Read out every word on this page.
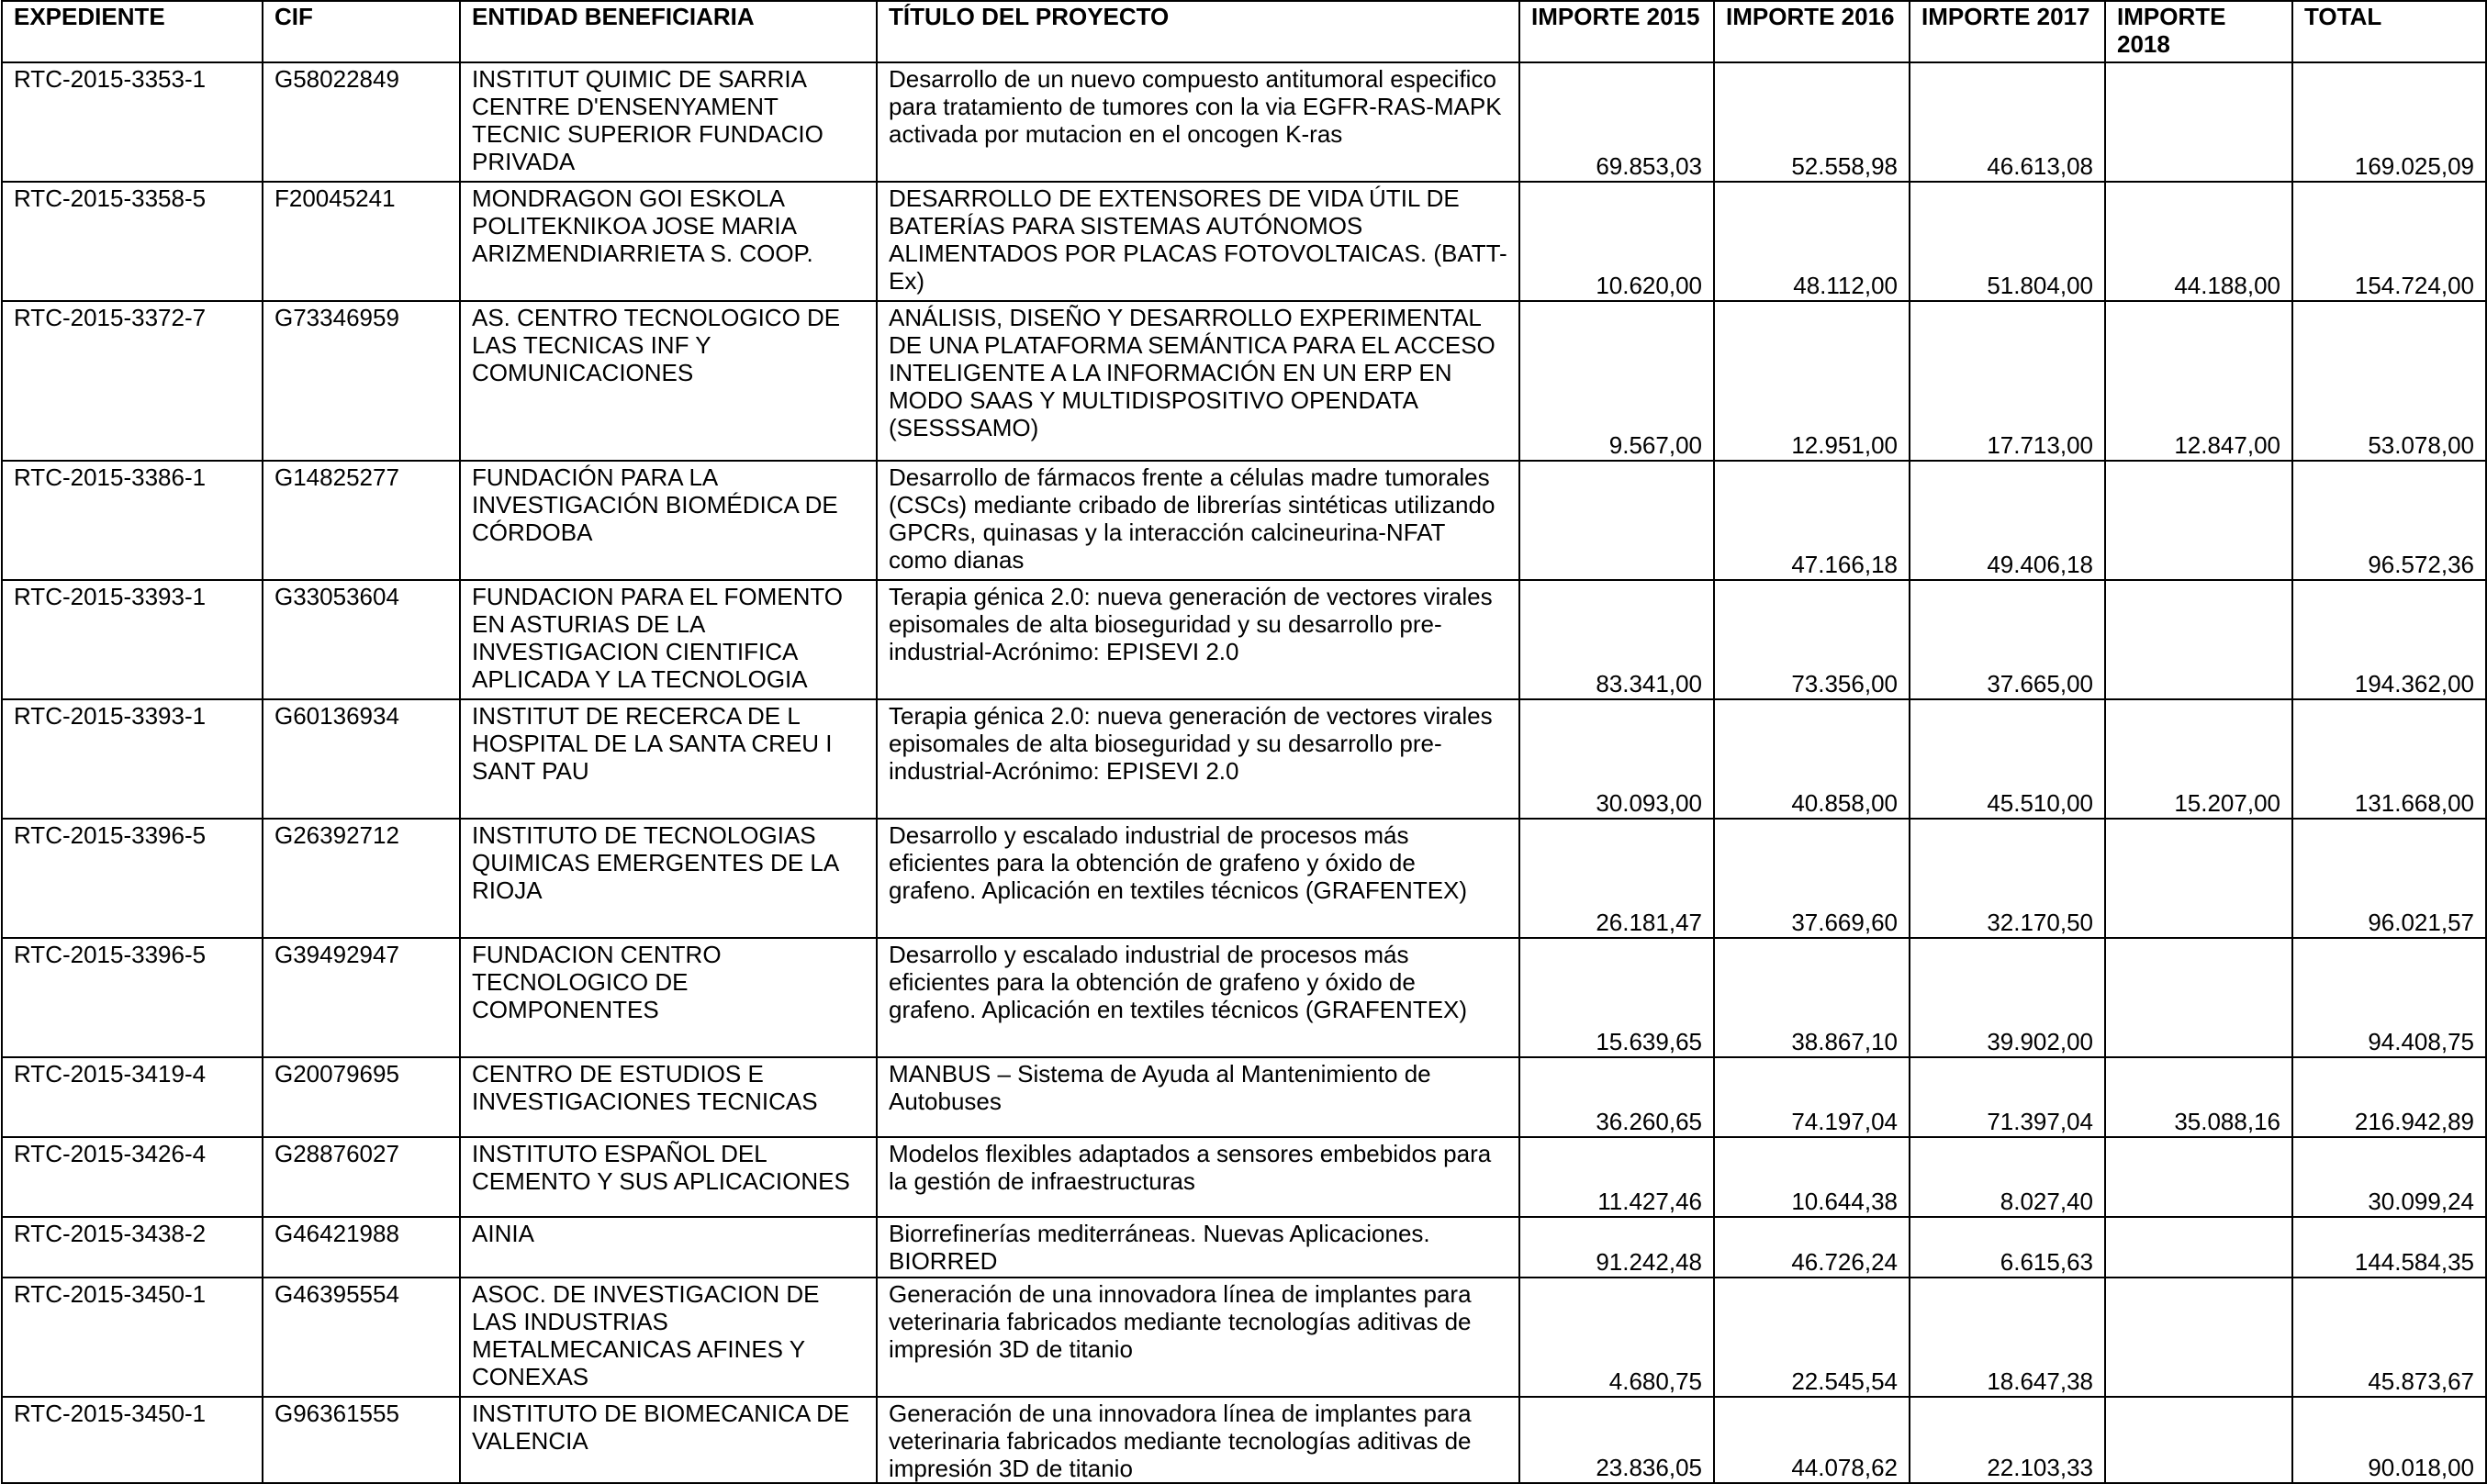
EXPEDIENTE	CIF	ENTIDAD BENEFICIARIA	TÍTULO DEL PROYECTO	IMPORTE 2015	IMPORTE 2016	IMPORTE 2017	IMPORTE 2018	TOTAL
RTC-2015-3353-1	G58022849	INSTITUT QUIMIC DE SARRIA CENTRE D'ENSENYAMENT TECNIC SUPERIOR FUNDACIO PRIVADA	Desarrollo de un nuevo compuesto antitumoral especifico para tratamiento de tumores con la via EGFR-RAS-MAPK activada por mutacion en el oncogen K-ras	69.853,03	52.558,98	46.613,08		169.025,09
RTC-2015-3358-5	F20045241	MONDRAGON GOI ESKOLA POLITEKNIKOA JOSE MARIA ARIZMENDIARRIETA S. COOP.	DESARROLLO DE EXTENSORES DE VIDA ÚTIL DE BATERÍAS PARA SISTEMAS AUTÓNOMOS ALIMENTADOS POR PLACAS FOTOVOLTAICAS. (BATT-Ex)	10.620,00	48.112,00	51.804,00	44.188,00	154.724,00
RTC-2015-3372-7	G73346959	AS. CENTRO TECNOLOGICO DE LAS TECNICAS INF Y COMUNICACIONES	ANÁLISIS, DISEÑO Y DESARROLLO EXPERIMENTAL DE UNA PLATAFORMA SEMÁNTICA PARA EL ACCESO INTELIGENTE A LA INFORMACIÓN EN UN ERP EN MODO SAAS Y MULTIDISPOSITIVO OPENDATA (SESSSAMO)	9.567,00	12.951,00	17.713,00	12.847,00	53.078,00
RTC-2015-3386-1	G14825277	FUNDACIÓN PARA LA INVESTIGACIÓN BIOMÉDICA DE CÓRDOBA	Desarrollo de fármacos frente a células madre tumorales (CSCs) mediante cribado de librerías sintéticas utilizando GPCRs, quinasas y la interacción calcineurina-NFAT como dianas		47.166,18	49.406,18		96.572,36
RTC-2015-3393-1	G33053604	FUNDACION PARA EL FOMENTO EN ASTURIAS DE LA INVESTIGACION CIENTIFICA APLICADA Y LA TECNOLOGIA	Terapia génica 2.0: nueva generación de vectores virales episomales de alta bioseguridad y su desarrollo pre-industrial-Acrónimo: EPISEVI 2.0	83.341,00	73.356,00	37.665,00		194.362,00
RTC-2015-3393-1	G60136934	INSTITUT DE RECERCA DE L HOSPITAL DE LA SANTA CREU I SANT PAU	Terapia génica 2.0: nueva generación de vectores virales episomales de alta bioseguridad y su desarrollo pre-industrial-Acrónimo: EPISEVI 2.0	30.093,00	40.858,00	45.510,00	15.207,00	131.668,00
RTC-2015-3396-5	G26392712	INSTITUTO DE TECNOLOGIAS QUIMICAS EMERGENTES DE LA RIOJA	Desarrollo y escalado industrial de procesos más eficientes para la obtención de grafeno y óxido de grafeno. Aplicación en textiles técnicos (GRAFENTEX)	26.181,47	37.669,60	32.170,50		96.021,57
RTC-2015-3396-5	G39492947	FUNDACION CENTRO TECNOLOGICO DE COMPONENTES	Desarrollo y escalado industrial de procesos más eficientes para la obtención de grafeno y óxido de grafeno. Aplicación en textiles técnicos (GRAFENTEX)	15.639,65	38.867,10	39.902,00		94.408,75
RTC-2015-3419-4	G20079695	CENTRO DE ESTUDIOS E INVESTIGACIONES TECNICAS	MANBUS – Sistema de Ayuda al Mantenimiento de Autobuses	36.260,65	74.197,04	71.397,04	35.088,16	216.942,89
RTC-2015-3426-4	G28876027	INSTITUTO ESPAÑOL DEL CEMENTO Y SUS APLICACIONES	Modelos flexibles adaptados a sensores embebidos para la gestión de infraestructuras	11.427,46	10.644,38	8.027,40		30.099,24
RTC-2015-3438-2	G46421988	AINIA	Biorrefinerías mediterráneas. Nuevas Aplicaciones. BIORRED	91.242,48	46.726,24	6.615,63		144.584,35
RTC-2015-3450-1	G46395554	ASOC. DE INVESTIGACION DE LAS INDUSTRIAS METALMECANICAS AFINES Y CONEXAS	Generación de una innovadora línea de implantes para veterinaria fabricados mediante tecnologías aditivas de impresión 3D de titanio	4.680,75	22.545,54	18.647,38		45.873,67
RTC-2015-3450-1	G96361555	INSTITUTO DE BIOMECANICA DE VALENCIA	Generación de una innovadora línea de implantes para veterinaria fabricados mediante tecnologías aditivas de impresión 3D de titanio	23.836,05	44.078,62	22.103,33		90.018,00
